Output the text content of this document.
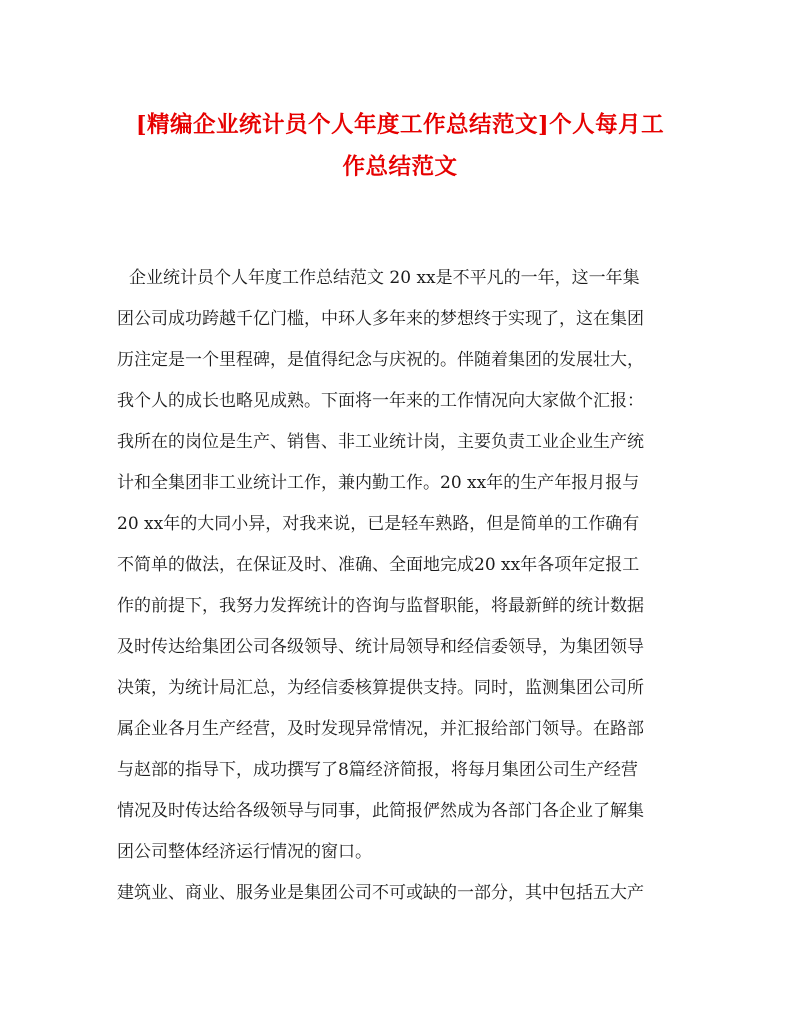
[精编企业统计员个人年度工作总结范文]个人每月工
作总结范文
企业统计员个人年度工作总结范文 20 xx是不平凡的一年，这一年集
团公司成功跨越千亿门槛，中环人多年来的梦想终于实现了，这在集团
历注定是一个里程碑，是值得纪念与庆祝的。伴随着集团的发展壮大，
我个人的成长也略见成熟。下面将一年来的工作情况向大家做个汇报：
我所在的岗位是生产、销售、非工业统计岗，主要负责工业企业生产统
计和全集团非工业统计工作，兼内勤工作。20 xx年的生产年报月报与
20 xx年的大同小异，对我来说，已是轻车熟路，但是简单的工作确有
不简单的做法，在保证及时、准确、全面地完成20 xx年各项年定报工
作的前提下，我努力发挥统计的咨询与监督职能，将最新鲜的统计数据
及时传达给集团公司各级领导、统计局领导和经信委领导，为集团领导
决策，为统计局汇总，为经信委核算提供支持。同时，监测集团公司所
属企业各月生产经营，及时发现异常情况，并汇报给部门领导。在路部
与赵部的指导下，成功撰写了8篇经济简报，将每月集团公司生产经营
情况及时传达给各级领导与同事，此简报俨然成为各部门各企业了解集
团公司整体经济运行情况的窗口。
建筑业、商业、服务业是集团公司不可或缺的一部分，其中包括五大产
